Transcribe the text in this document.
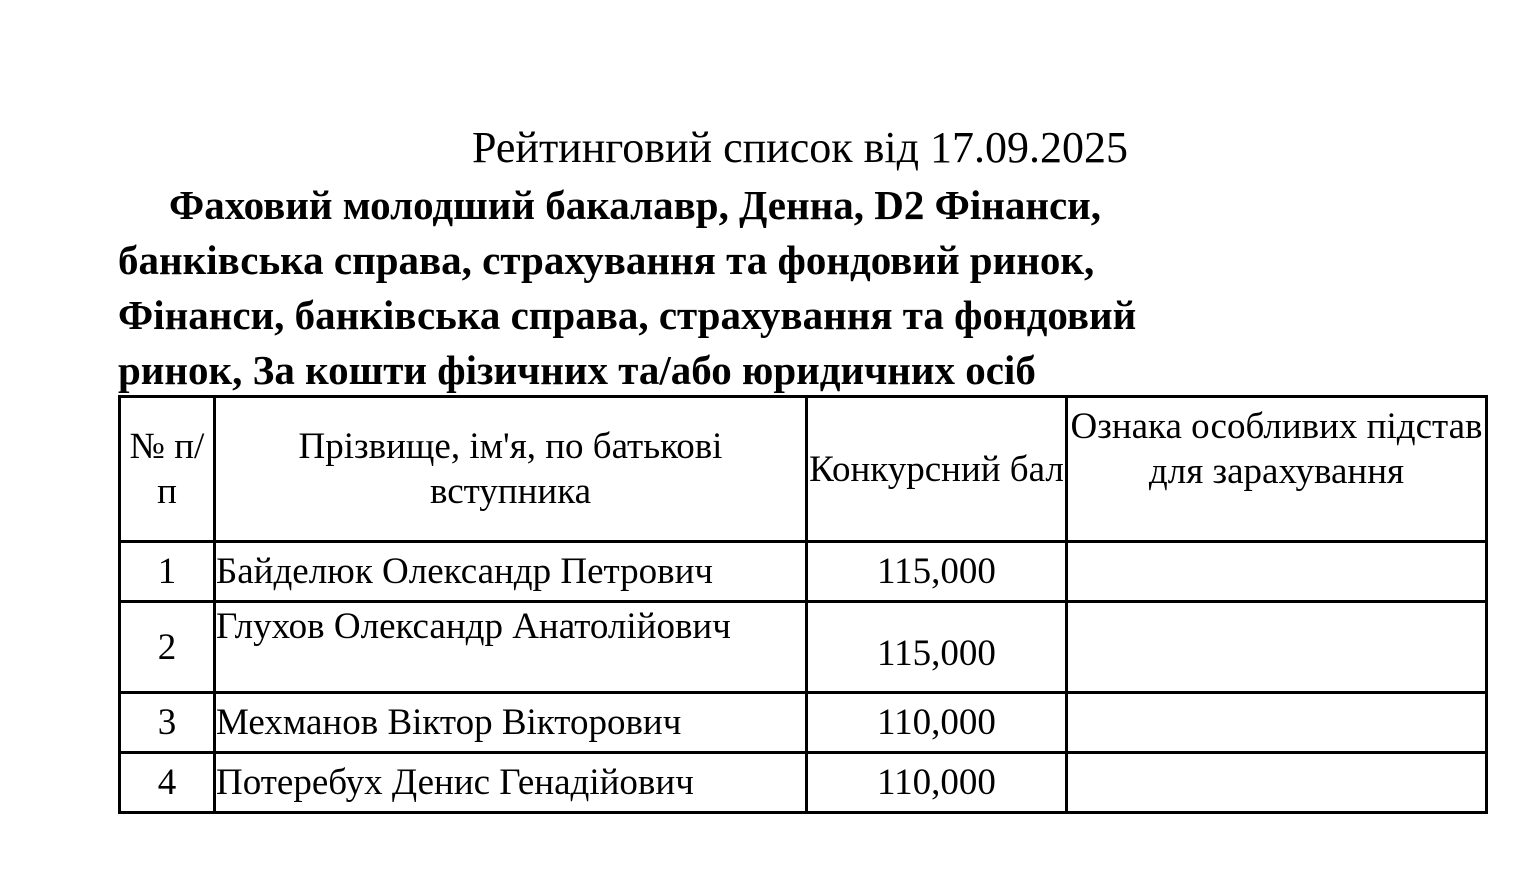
Рейтинговий список від 17.09.2025
Фаховий молодший бакалавр, Денна, D2 Фінанси,
банківська справа, страхування та фондовий ринок,
Фінанси, банківська справа, страхування та фондовий
ринок, За кошти фізичних та/або юридичних осіб
№ п/п	Прізвище, ім'я, по батькові вступника	Конкурсний бал	Ознака особливих підстав для зарахування
1	Байделюк Олександр Петрович	115,000	
2	Глухов Олександр Анатолійович	115,000	
3	Мехманов Віктор Вікторович	110,000	
4	Потеребух Денис Генадійович	110,000	
